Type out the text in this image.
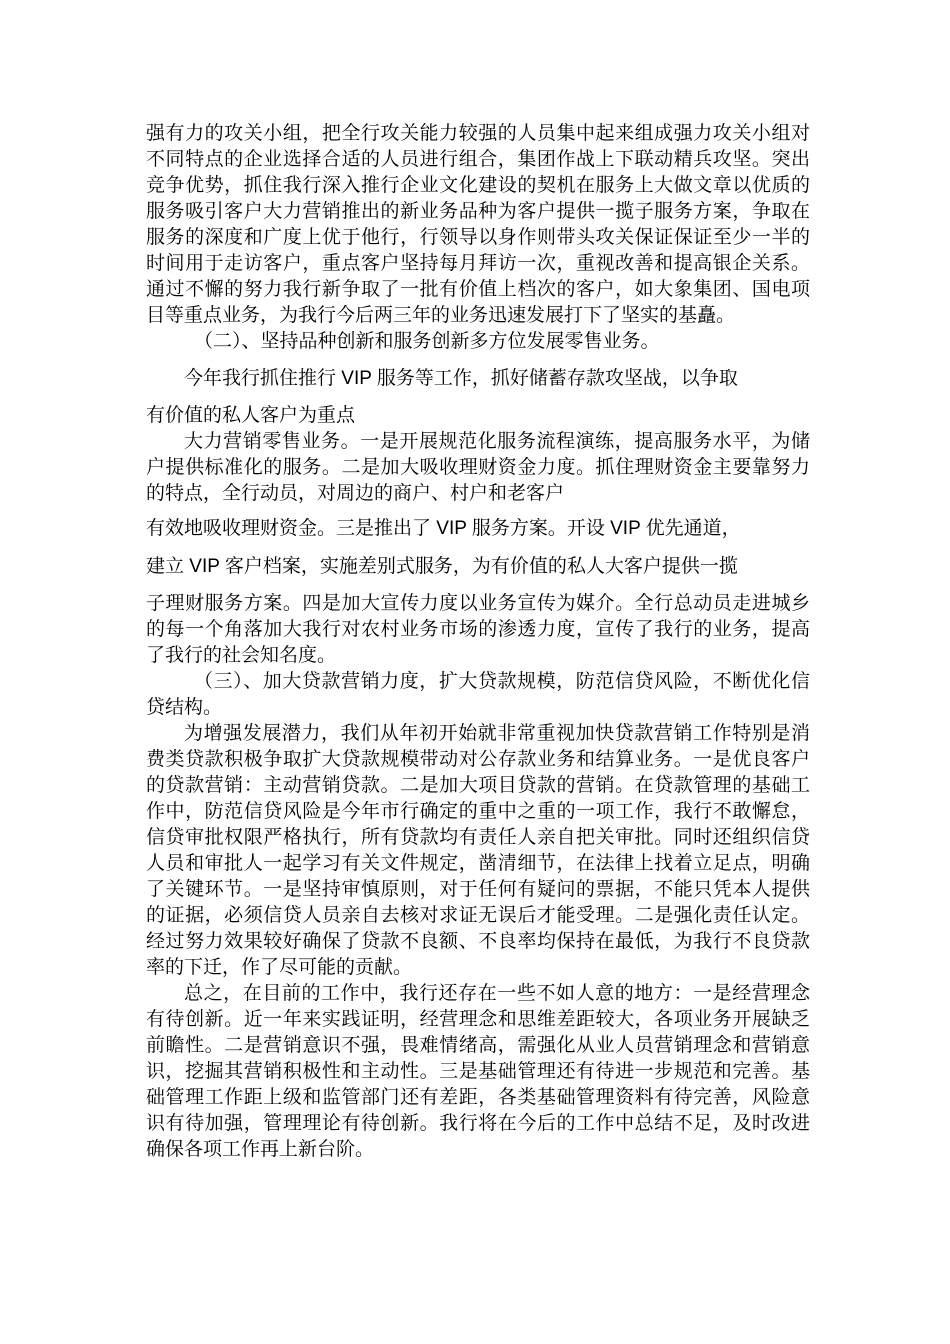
强有力的攻关小组，把全行攻关能力较强的人员集中起来组成强力攻关小组对不同特点的企业选择合适的人员进行组合，集团作战上下联动精兵攻坚。突出竞争优势，抓住我行深入推行企业文化建设的契机在服务上大做文章以优质的服务吸引客户大力营销推出的新业务品种为客户提供一揽子服务方案，争取在服务的深度和广度上优于他行，行领导以身作则带头攻关保证保证至少一半的时间用于走访客户，重点客户坚持每月拜访一次，重视改善和提高银企关系。通过不懈的努力我行新争取了一批有价值上档次的客户，如大象集团、国电项目等重点业务，为我行今后两三年的业务迅速发展打下了坚实的基矗。

（二）、坚持品种创新和服务创新多方位发展零售业务。

今年我行抓住推行 VIP 服务等工作，抓好储蓄存款攻坚战，以争取
有价值的私人客户为重点

大力营销零售业务。一是开展规范化服务流程演练，提高服务水平，为储户提供标准化的服务。二是加大吸收理财资金力度。抓住理财资金主要靠努力的特点，全行动员，对周边的商户、村户和老客户

有效地吸收理财资金。三是推出了 VIP 服务方案。开设 VIP 优先通道，
建立 VIP 客户档案，实施差别式服务，为有价值的私人大客户提供一揽

子理财服务方案。四是加大宣传力度以业务宣传为媒介。全行总动员走进城乡的每一个角落加大我行对农村业务市场的渗透力度，宣传了我行的业务，提高了我行的社会知名度。

（三）、加大贷款营销力度，扩大贷款规模，防范信贷风险，不断优化信贷结构。

为增强发展潜力，我们从年初开始就非常重视加快贷款营销工作特别是消费类贷款积极争取扩大贷款规模带动对公存款业务和结算业务。一是优良客户的贷款营销：主动营销贷款。二是加大项目贷款的营销。在贷款管理的基础工作中，防范信贷风险是今年市行确定的重中之重的一项工作，我行不敢懈怠，信贷审批权限严格执行，所有贷款均有责任人亲自把关审批。同时还组织信贷人员和审批人一起学习有关文件规定，凿清细节，在法律上找着立足点，明确了关键环节。一是坚持审慎原则，对于任何有疑问的票据，不能只凭本人提供的证据，必须信贷人员亲自去核对求证无误后才能受理。二是强化责任认定。经过努力效果较好确保了贷款不良额、不良率均保持在最低，为我行不良贷款率的下迁，作了尽可能的贡献。

总之，在目前的工作中，我行还存在一些不如人意的地方：一是经营理念有待创新。近一年来实践证明，经营理念和思维差距较大，各项业务开展缺乏前瞻性。二是营销意识不强，畏难情绪高，需强化从业人员营销理念和营销意识，挖掘其营销积极性和主动性。三是基础管理还有待进一步规范和完善。基础管理工作距上级和监管部门还有差距，各类基础管理资料有待完善，风险意识有待加强，管理理论有待创新。我行将在今后的工作中总结不足，及时改进确保各项工作再上新台阶。
